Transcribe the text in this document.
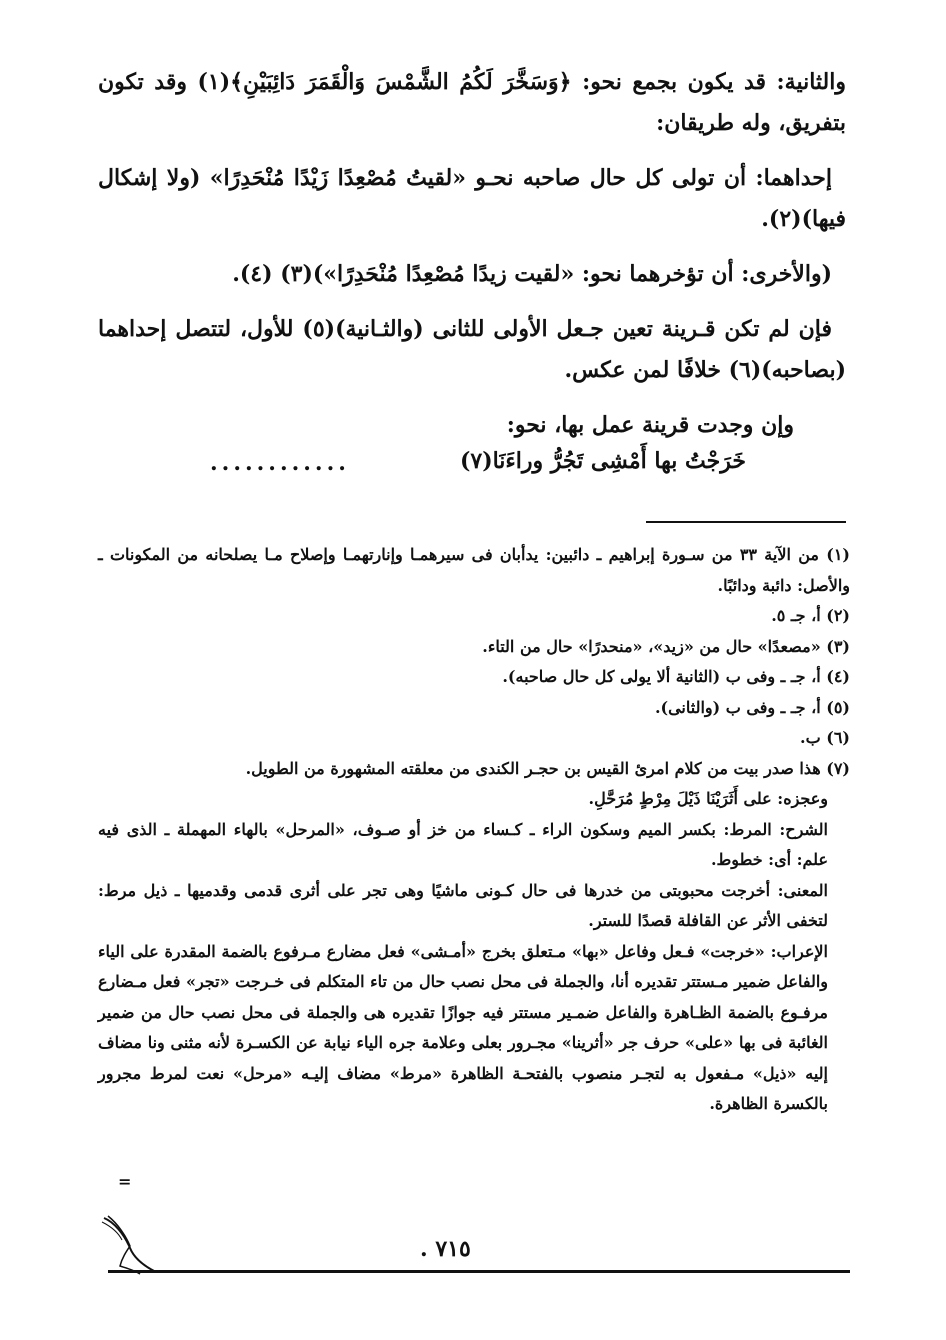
والثانية: قد يكون بجمع نحو: ﴿وَسَخَّرَ لَكُمُ الشَّمْسَ وَالْقَمَرَ دَائِبَيْنِ﴾(١) وقد تكون بتفريق، وله طريقان:

إحداهما: أن تولى كل حال صاحبه نحـو «لقيتُ مُصْعِدًا زَيْدًا مُنْحَدِرًا» (ولا إشكال فيها)(٢).

(والأخرى: أن تؤخرهما نحو: «لقيت زيدًا مُصْعِدًا مُنْحَدِرًا»)(٣) (٤).

فإن لم تكن قـرينة تعين جـعل الأولى للثانى (والثـانية)(٥) للأول، لتتصل إحداهما (بصاحبه)(٦) خلافًا لمن عكس.

وإن وجدت قرينة عمل بها، نحو:

خَرَجْتُ بها أَمْشِى تَجُرُّ وراءَنَا(٧)
............

(١) من الآية ٣٣ من سـورة إبراهيم ـ دائبين: يدأبان فى سيرهمـا وإنارتهمـا وإصلاح مـا يصلحانه من المكونات ـ والأصل: دائبة ودائبًا.

(٢) أ، جـ ٥.

(٣) «مصعدًا» حال من «زيد»، «منحدرًا» حال من التاء.

(٤) أ، جـ ـ وفى ب (الثانية ألا يولى كل حال صاحبه).

(٥) أ، جـ ـ وفى ب (والثانى).

(٦) ب.

(٧) هذا صدر بيت من كلام امرئ القيس بن حجـر الكندى من معلقته المشهورة من الطويل.

وعجزه: على أَثَرَيْنَا ذَيْلَ مِرْطٍ مُرَحَّلِ.

الشرح: المرط: بكسر الميم وسكون الراء ـ كـساء من خز أو صـوف، «المرحل» بالهاء المهملة ـ الذى فيه علم: أى: خطوط.

المعنى: أخرجت محبوبتى من خدرها فى حال كـونى ماشيًا وهى تجر على أثرى قدمى وقدميها ـ ذيل مرط: لتخفى الأثر عن القافلة قصدًا للستر.

الإعراب: «خرجت» فـعل وفاعل «بها» مـتعلق بخرج «أمـشى» فعل مضارع مـرفوع بالضمة المقدرة على الياء والفاعل ضمير مـستتر تقديره أنا، والجملة فى محل نصب حال من تاء المتكلم فى خـرجت «تجر» فعل مـضارع مرفـوع بالضمة الظـاهرة والفاعل ضمـير مستتر فيه جوازًا تقديره هى والجملة فى محل نصب حال من ضمير الغائبة فى بها «على» حرف جر «أثرينا» مجـرور بعلى وعلامة جره الياء نيابة عن الكسـرة لأنه مثنى ونا مضاف إليه «ذيل» مـفعول به لتجـر منصوب بالفتحـة الظاهرة «مرط» مضاف إليـه «مرحل» نعت لمرط مجرور بالكسرة الظاهرة.

=
٧١٥ .
